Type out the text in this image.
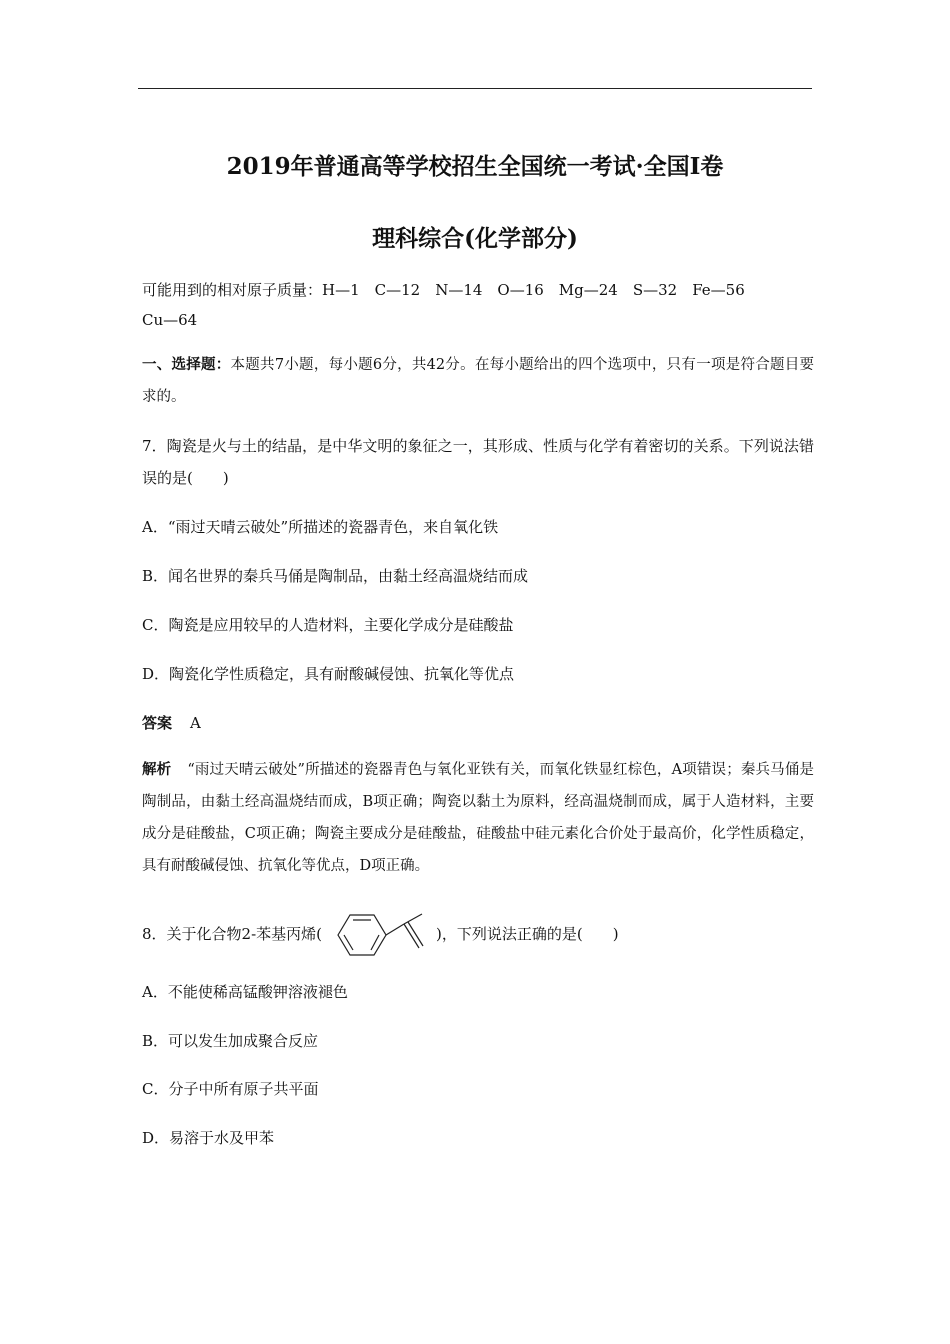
2019年普通高等学校招生全国统一考试·全国Ⅰ卷
理科综合(化学部分)
可能用到的相对原子质量：H—1　C—12　N—14　O—16　Mg—24　S—32　Fe—56
Cu—64
一、选择题：本题共7小题，每小题6分，共42分。在每小题给出的四个选项中，只有一项是符合题目要求的。
7．陶瓷是火与土的结晶，是中华文明的象征之一，其形成、性质与化学有着密切的关系。下列说法错误的是(　　)
A．“雨过天晴云破处”所描述的瓷器青色，来自氧化铁
B．闻名世界的秦兵马俑是陶制品，由黏土经高温烧结而成
C．陶瓷是应用较早的人造材料，主要化学成分是硅酸盐
D．陶瓷化学性质稳定，具有耐酸碱侵蚀、抗氧化等优点
答案 A
解析 “雨过天晴云破处”所描述的瓷器青色与氧化亚铁有关，而氧化铁显红棕色，A项错误；秦兵马俑是陶制品，由黏土经高温烧结而成，B项正确；陶瓷以黏土为原料，经高温烧制而成，属于人造材料，主要成分是硅酸盐，C项正确；陶瓷主要成分是硅酸盐，硅酸盐中硅元素化合价处于最高价，化学性质稳定，具有耐酸碱侵蚀、抗氧化等优点，D项正确。
8．关于化合物2-苯基丙烯(	)，下列说法正确的是(　　)
A．不能使稀高锰酸钾溶液褪色
B．可以发生加成聚合反应
C．分子中所有原子共平面
D．易溶于水及甲苯
